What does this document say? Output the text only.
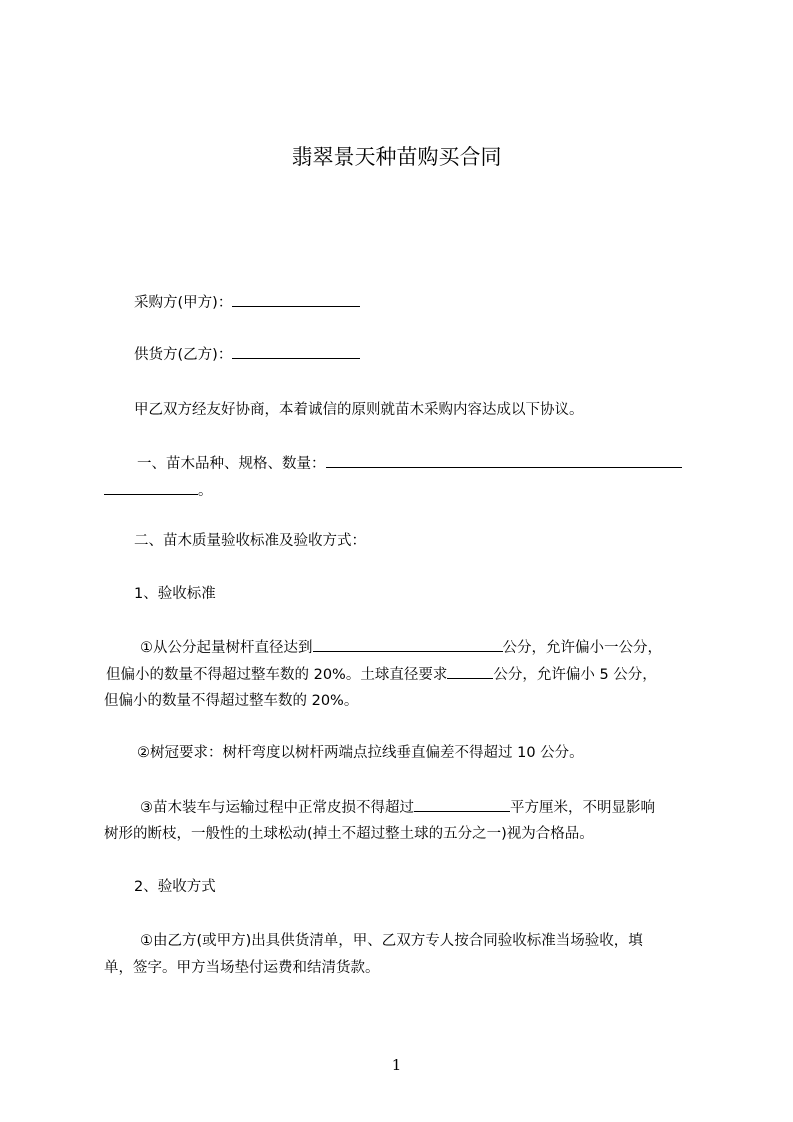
翡翠景天种苗购买合同
采购方(甲方)：
供货方(乙方)：
甲乙双方经友好协商，本着诚信的原则就苗木采购内容达成以下协议。
一、苗木品种、规格、数量：
。
二、苗木质量验收标准及验收方式：
1、验收标准
①从公分起量树杆直径达到	公分，允许偏小一公分，
但偏小的数量不得超过整车数的 20%。土球直径要求	公分，允许偏小 5 公分，
但偏小的数量不得超过整车数的 20%。
②树冠要求：树杆弯度以树杆两端点拉线垂直偏差不得超过 10 公分。
③苗木装车与运输过程中正常皮损不得超过	平方厘米，不明显影响
树形的断枝，一般性的土球松动(掉土不超过整土球的五分之一)视为合格品。
2、验收方式
①由乙方(或甲方)出具供货清单，甲、乙双方专人按合同验收标准当场验收，填
单，签字。甲方当场垫付运费和结清货款。
1
